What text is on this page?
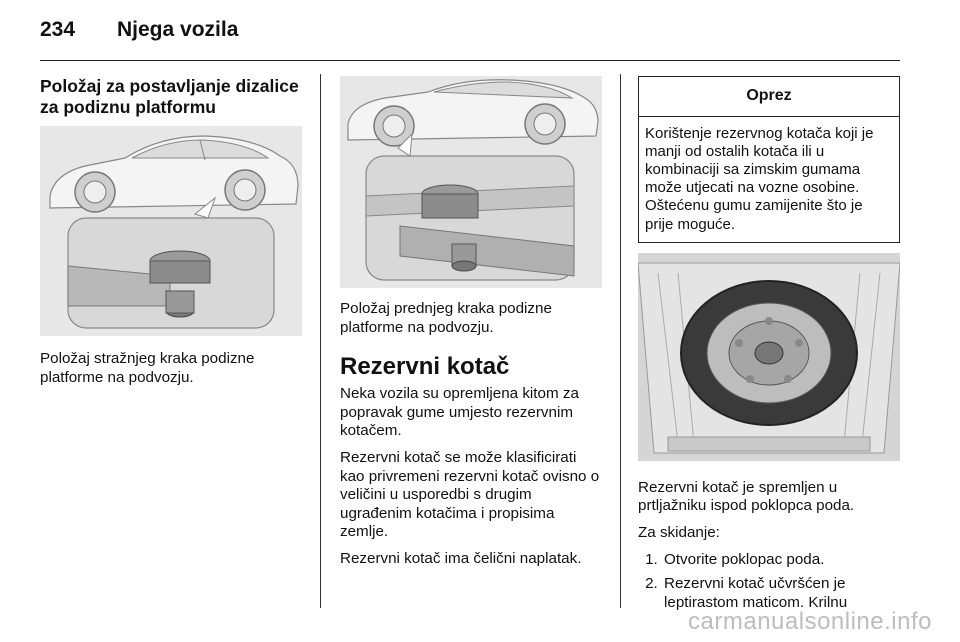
234 Njega vozila
Položaj za postavljanje dizalice za podiznu platformu

Položaj stražnjeg kraka podizne platforme na podvozju.

Položaj prednjeg kraka podizne platforme na podvozju.

Rezervni kotač

Neka vozila su opremljena kitom za popravak gume umjesto rezervnim kotačem.

Rezervni kotač se može klasificirati kao privremeni rezervni kotač ovisno o veličini u usporedbi s drugim ugrađenim kotačima i propisima zemlje.

Rezervni kotač ima čelični naplatak.

Oprez
Korištenje rezervnog kotača koji je manji od ostalih kotača ili u kombinaciji sa zimskim gumama može utjecati na vozne osobine. Oštećenu gumu zamijenite što je prije moguće.

Rezervni kotač je spremljen u prtljažniku ispod poklopca poda.

Za skidanje:

1. Otvorite poklopac poda.
2. Rezervni kotač učvršćen je leptirastom maticom. Krilnu
carmanualsonline.info
